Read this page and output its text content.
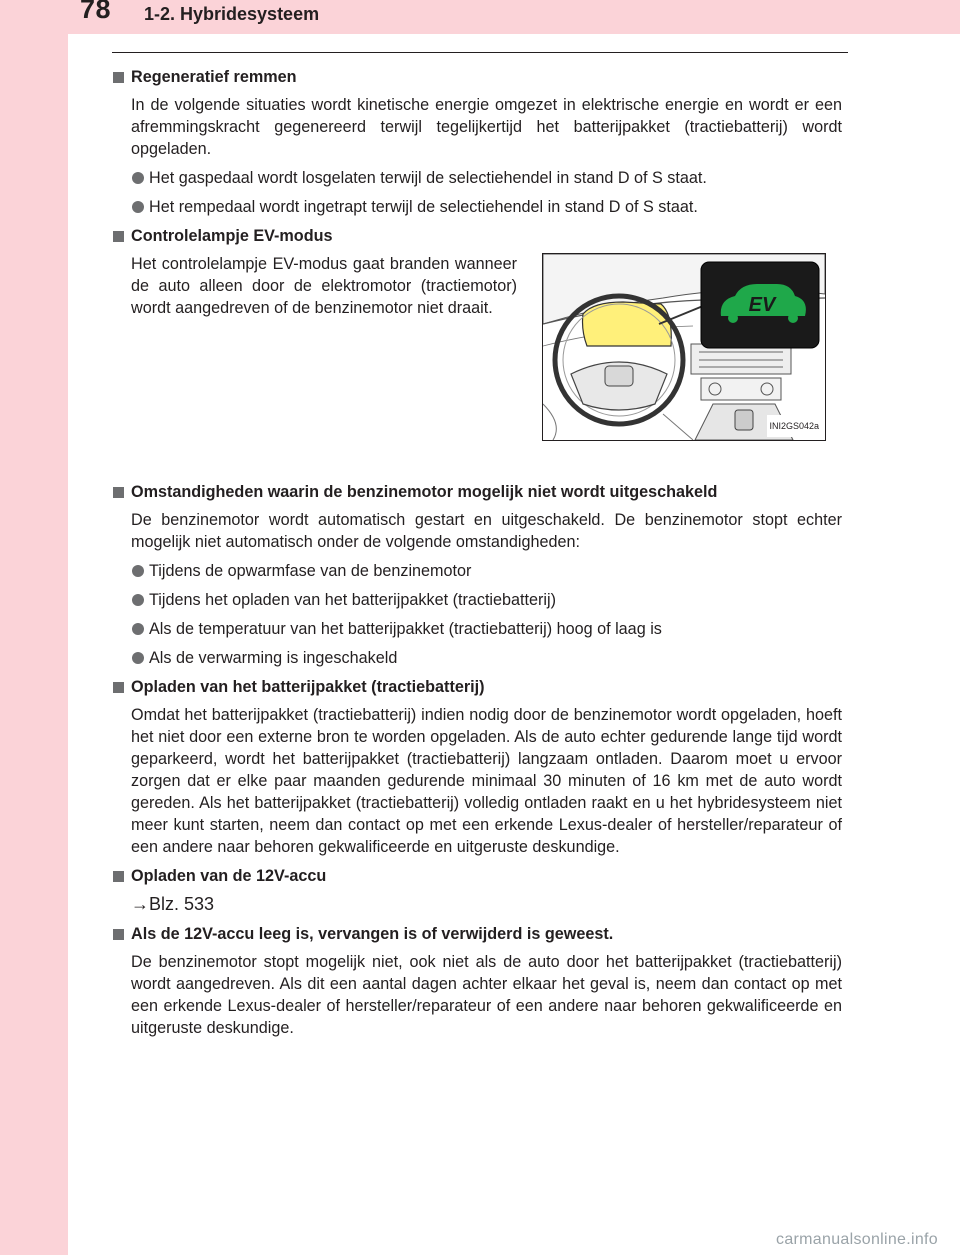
78 1-2. Hybridesysteem
Regeneratief remmen

In de volgende situaties wordt kinetische energie omgezet in elektrische energie en wordt er een afremmingskracht gegenereerd terwijl tegelijkertijd het batterijpakket (tractiebatterij) wordt opgeladen.

Het gaspedaal wordt losgelaten terwijl de selectiehendel in stand D of S staat.
Het rempedaal wordt ingetrapt terwijl de selectiehendel in stand D of S staat.
Controlelampje EV-modus
Het controlelampje EV-modus gaat branden wanneer de auto alleen door de elektromotor (tractiemotor) wordt aangedreven of de benzinemotor niet draait.	EV
INI2GS042a
Omstandigheden waarin de benzinemotor mogelijk niet wordt uitgeschakeld

De benzinemotor wordt automatisch gestart en uitgeschakeld. De benzinemotor stopt echter mogelijk niet automatisch onder de volgende omstandigheden:

Tijdens de opwarmfase van de benzinemotor
Tijdens het opladen van het batterijpakket (tractiebatterij)
Als de temperatuur van het batterijpakket (tractiebatterij) hoog of laag is
Als de verwarming is ingeschakeld
Opladen van het batterijpakket (tractiebatterij)

Omdat het batterijpakket (tractiebatterij) indien nodig door de benzinemotor wordt opgeladen, hoeft het niet door een externe bron te worden opgeladen. Als de auto echter gedurende lange tijd wordt geparkeerd, wordt het batterijpakket (tractiebatterij) langzaam ontladen. Daarom moet u ervoor zorgen dat er elke paar maanden gedurende minimaal 30 minuten of 16 km met de auto wordt gereden. Als het batterijpakket (tractiebatterij) volledig ontladen raakt en u het hybridesysteem niet meer kunt starten, neem dan contact op met een erkende Lexus-dealer of hersteller/reparateur of een andere naar behoren gekwalificeerde en uitgeruste deskundige.

Opladen van de 12V-accu
→Blz. 533
Als de 12V-accu leeg is, vervangen is of verwijderd is geweest.

De benzinemotor stopt mogelijk niet, ook niet als de auto door het batterijpakket (tractiebatterij) wordt aangedreven. Als dit een aantal dagen achter elkaar het geval is, neem dan contact op met een erkende Lexus-dealer of hersteller/reparateur of een andere naar behoren gekwalificeerde en uitgeruste deskundige.

carmanualsonline.info
